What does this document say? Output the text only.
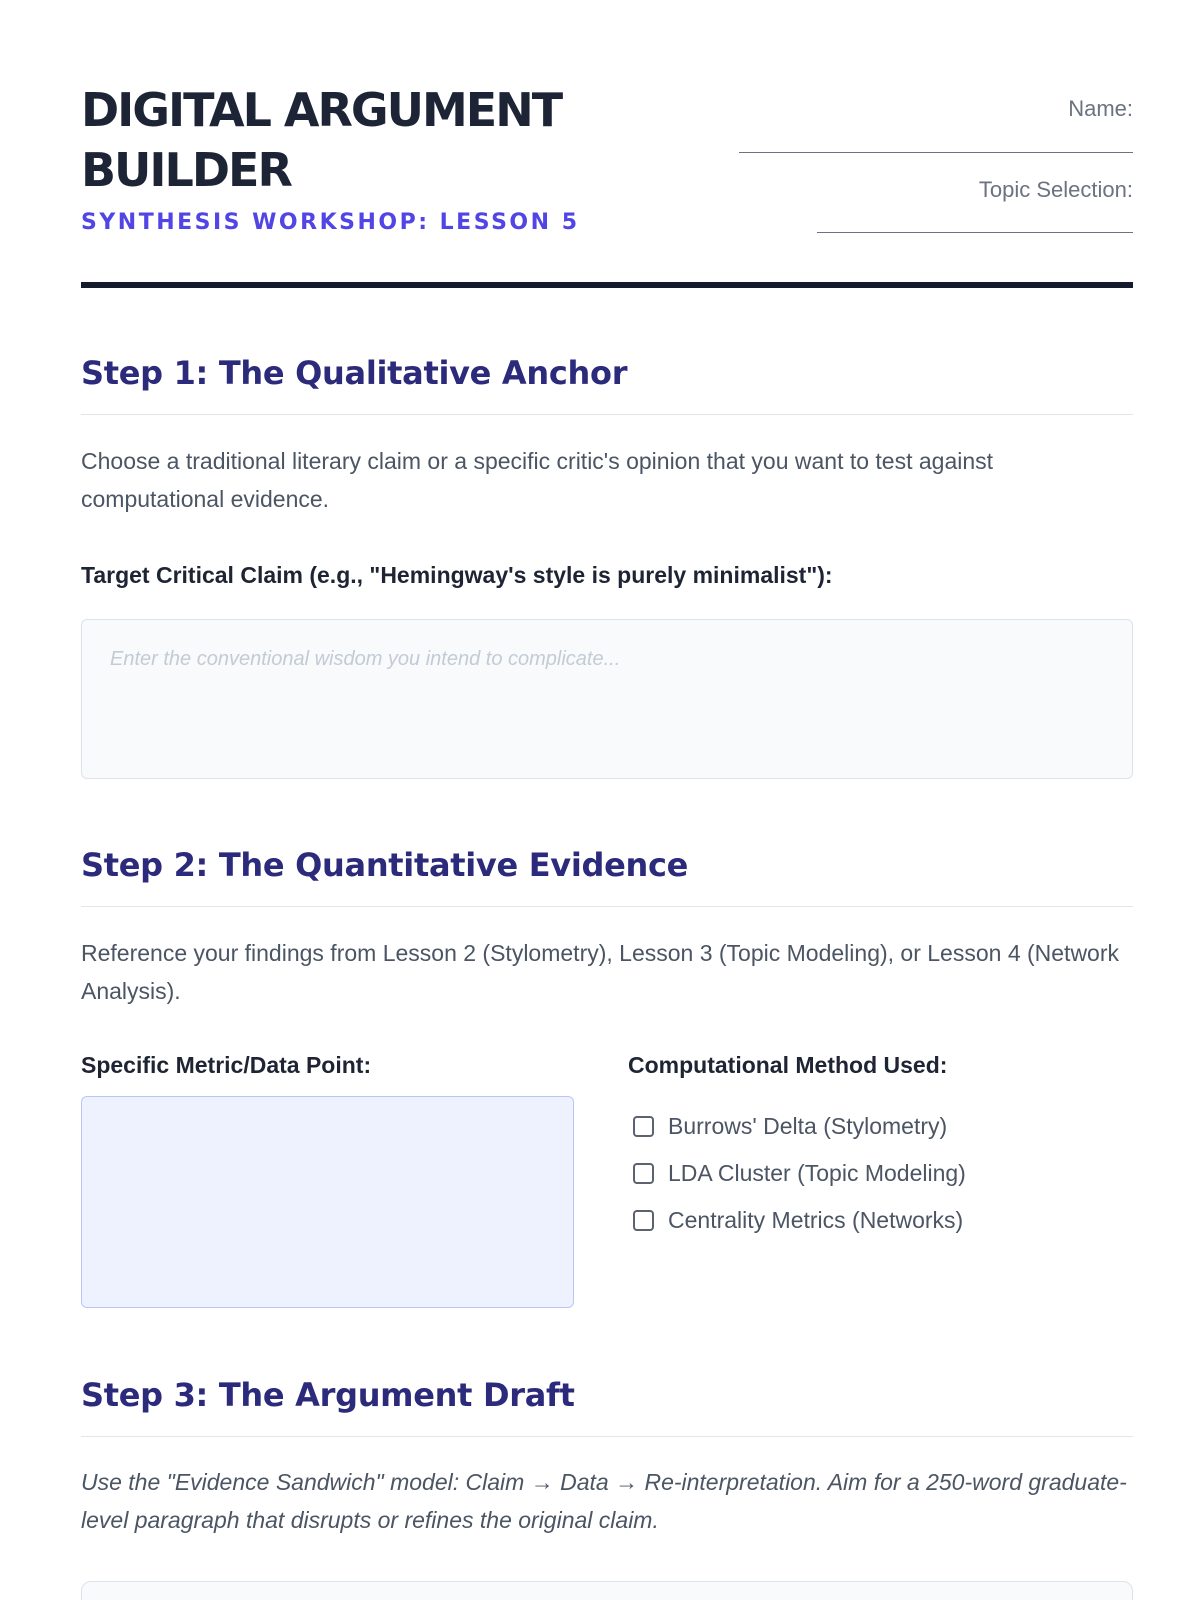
DIGITAL ARGUMENT BUILDER
SYNTHESIS WORKSHOP: LESSON 5
Name:
Topic Selection:
Step 1: The Qualitative Anchor
Choose a traditional literary claim or a specific critic's opinion that you want to test against computational evidence.
Target Critical Claim (e.g., "Hemingway's style is purely minimalist"):
Enter the conventional wisdom you intend to complicate...
Step 2: The Quantitative Evidence
Reference your findings from Lesson 2 (Stylometry), Lesson 3 (Topic Modeling), or Lesson 4 (Network Analysis).
Specific Metric/Data Point:	Computational Method Used:
Burrows' Delta (Stylometry)
LDA Cluster (Topic Modeling)
Centrality Metrics (Networks)
Step 3: The Argument Draft
Use the "Evidence Sandwich" model: Claim → Data → Re-interpretation. Aim for a 250-word graduate-level paragraph that disrupts or refines the original claim.
